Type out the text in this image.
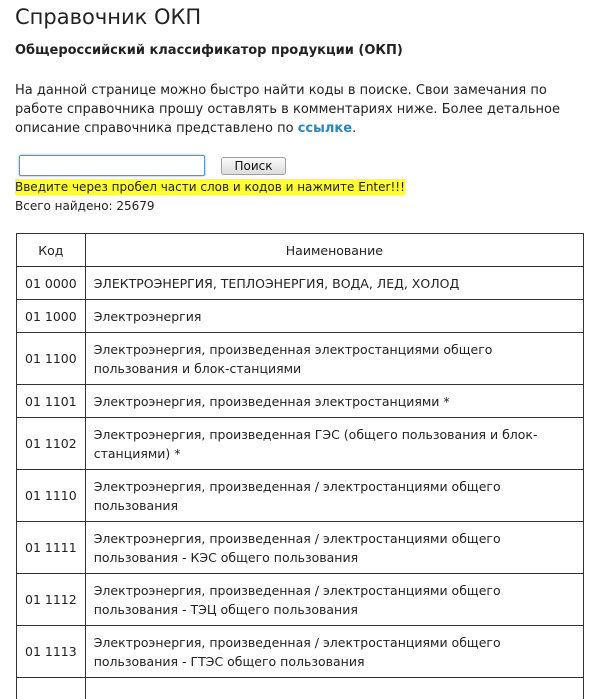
Справочник ОКП
Общероссийский классификатор продукции (ОКП)

На данной странице можно быстро найти коды в поиске. Свои замечания по работе справочника прошу оставлять в комментариях ниже. Более детальное описание справочника представлено по ссылке.

Поиск
Введите через пробел части слов и кодов и нажмите Enter!!!
Всего найдено: 25679
Код	Наименование
01 0000	ЭЛЕКТРОЭНЕРГИЯ, ТЕПЛОЭНЕРГИЯ, ВОДА, ЛЕД, ХОЛОД
01 1000	Электроэнергия
01 1100	Электроэнергия, произведенная электростанциями общего пользования и блок-станциями
01 1101	Электроэнергия, произведенная электростанциями *
01 1102	Электроэнергия, произведенная ГЭС (общего пользования и блок-станциями) *
01 1110	Электроэнергия, произведенная / электростанциями общего пользования
01 1111	Электроэнергия, произведенная / электростанциями общего пользования - КЭС общего пользования
01 1112	Электроэнергия, произведенная / электростанциями общего пользования - ТЭЦ общего пользования
01 1113	Электроэнергия, произведенная / электростанциями общего пользования - ГТЭС общего пользования
